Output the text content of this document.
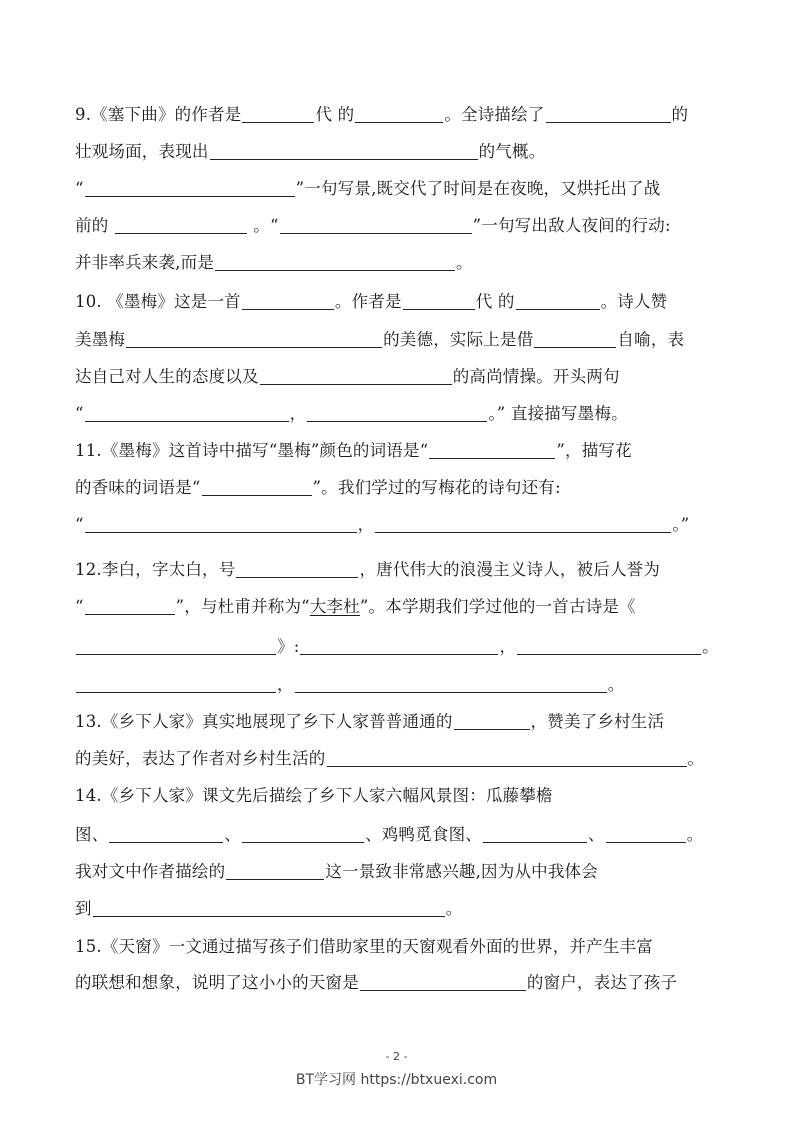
9.《塞下曲》的作者是	代 的	。全诗描绘了	的
壮观场面，表现出	的气概。
“	”一句写景,既交代了时间是在夜晚，又烘托出了战
前的	。“	”一句写出敌人夜间的行动:
并非率兵来袭,而是	。
10. 《墨梅》这是一首	。作者是	代 的	。诗人赞
美墨梅	的美德，实际上是借	自喻，表
达自己对人生的态度以及	的高尚情操。开头两句
“	，	。” 直接描写墨梅。
11.《墨梅》这首诗中描写“墨梅”颜色的词语是“	”，描写花
的香味的词语是“	”。我们学过的写梅花的诗句还有:
“	，	。”
12.李白，字太白，号	，唐代伟大的浪漫主义诗人，被后人誉为
“	”，与杜甫并称为“大李杜”。本学期我们学过他的一首古诗是《
》:	，	。
，	。
13.《乡下人家》真实地展现了乡下人家普普通通的	，赞美了乡村生活
的美好，表达了作者对乡村生活的	。
14.《乡下人家》课文先后描绘了乡下人家六幅风景图：瓜藤攀檐
图、	、	、鸡鸭觅食图、	、	。
我对文中作者描绘的	这一景致非常感兴趣,因为从中我体会
到	。
15.《天窗》一文通过描写孩子们借助家里的天窗观看外面的世界，并产生丰富
的联想和想象，说明了这小小的天窗是	的窗户，表达了孩子
- 2 -
BT学习网 https://btxuexi.com
